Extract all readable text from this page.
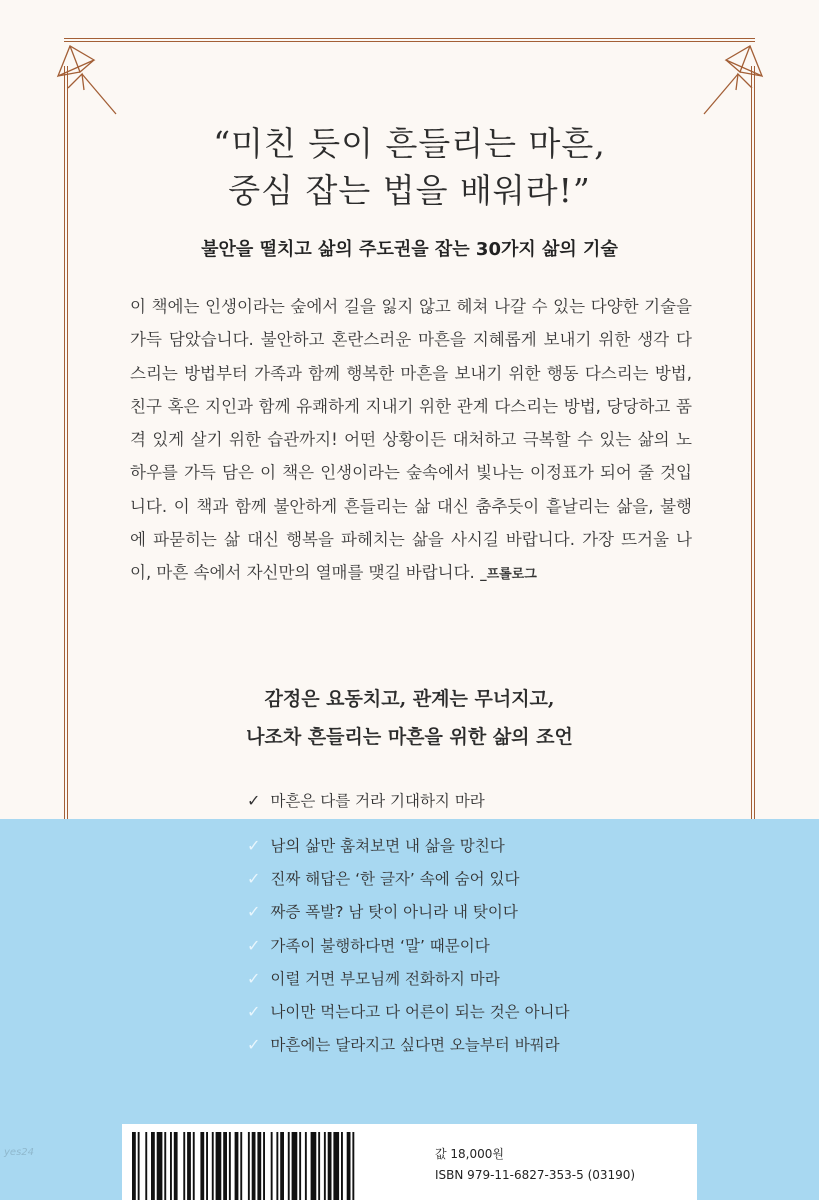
“미친 듯이 흔들리는 마흔,
중심 잡는 법을 배워라!”
불안을 떨치고 삶의 주도권을 잡는 30가지 삶의 기술
이 책에는 인생이라는 숲에서 길을 잃지 않고 헤쳐 나갈 수 있는 다양한 기술을 가득 담았습니다. 불안하고 혼란스러운 마흔을 지혜롭게 보내기 위한 생각 다스리는 방법부터 가족과 함께 행복한 마흔을 보내기 위한 행동 다스리는 방법, 친구 혹은 지인과 함께 유쾌하게 지내기 위한 관계 다스리는 방법, 당당하고 품격 있게 살기 위한 습관까지! 어떤 상황이든 대처하고 극복할 수 있는 삶의 노하우를 가득 담은 이 책은 인생이라는 숲속에서 빛나는 이정표가 되어 줄 것입니다. 이 책과 함께 불안하게 흔들리는 삶 대신 춤추듯이 흩날리는 삶을, 불행에 파묻히는 삶 대신 행복을 파헤치는 삶을 사시길 바랍니다. 가장 뜨거울 나이, 마흔 속에서 자신만의 열매를 맺길 바랍니다. _프롤로그
감정은 요동치고, 관계는 무너지고,
나조차 흔들리는 마흔을 위한 삶의 조언
✓ 마흔은 다를 거라 기대하지 마라
✓ 남의 삶만 훔쳐보면 내 삶을 망친다
✓ 진짜 해답은 ‘한 글자’ 속에 숨어 있다
✓ 짜증 폭발? 남 탓이 아니라 내 탓이다
✓ 가족이 불행하다면 ‘말’ 때문이다
✓ 이럴 거면 부모님께 전화하지 마라
✓ 나이만 먹는다고 다 어른이 되는 것은 아니다
✓ 마흔에는 달라지고 싶다면 오늘부터 바꿔라
yes24	값 18,000원
ISBN 979-11-6827-353-5 (03190)
